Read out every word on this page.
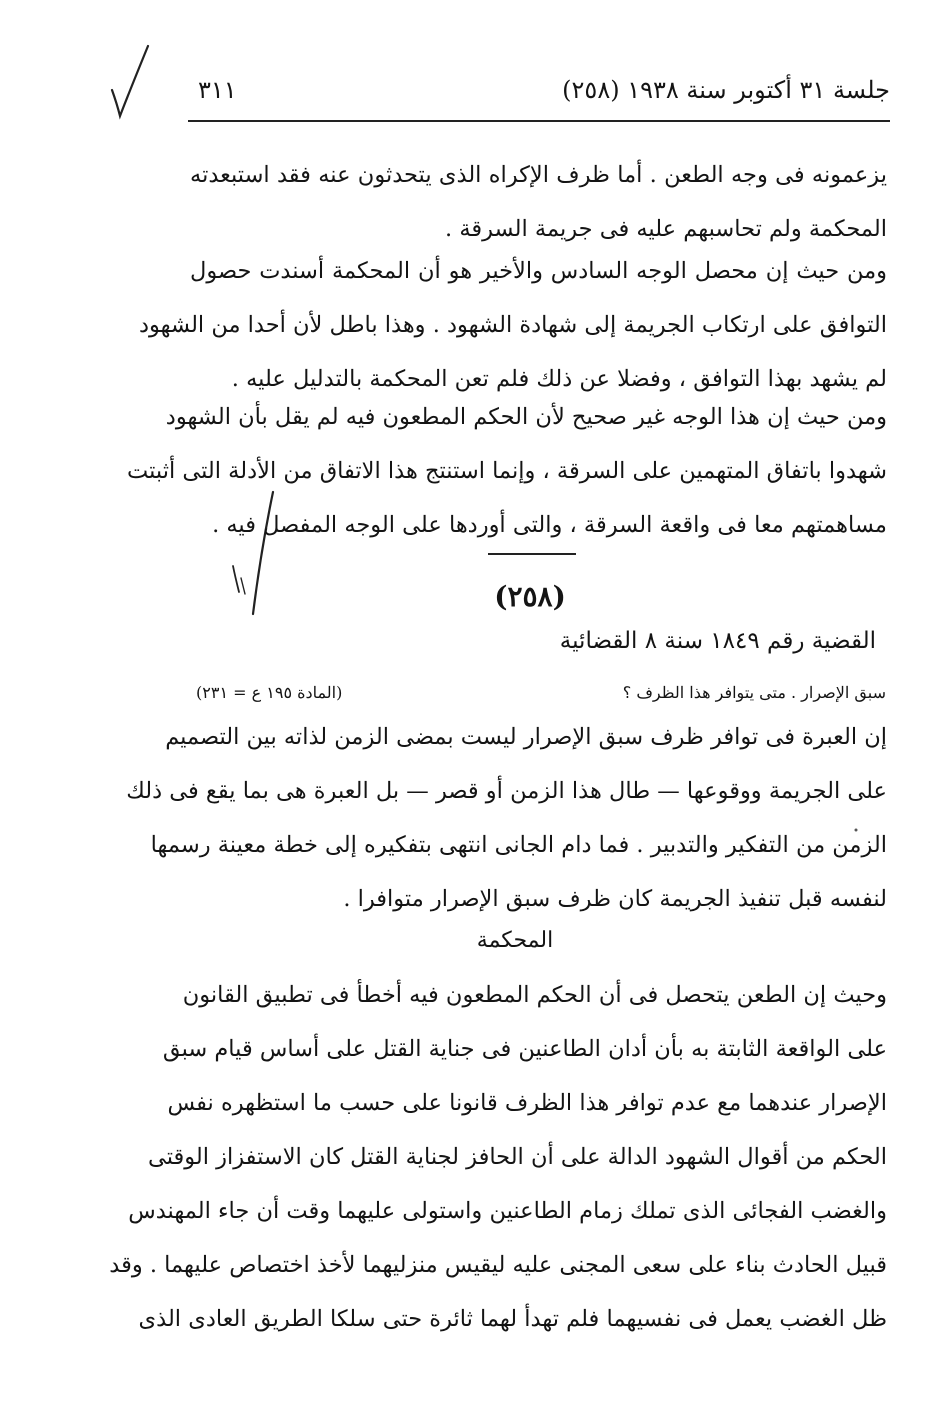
جلسة ٣١ أكتوبر سنة ١٩٣٨ (٢٥٨)
٣١١
يزعمونه فى وجه الطعن . أما ظرف الإكراه الذى يتحدثون عنه فقد استبعدته
المحكمة ولم تحاسبهم عليه فى جريمة السرقة .
ومن حيث إن محصل الوجه السادس والأخير هو أن المحكمة أسندت حصول
التوافق على ارتكاب الجريمة إلى شهادة الشهود . وهذا باطل لأن أحدا من الشهود
لم يشهد بهذا التوافق ، وفضلا عن ذلك فلم تعن المحكمة بالتدليل عليه .
ومن حيث إن هذا الوجه غير صحيح لأن الحكم المطعون فيه لم يقل بأن الشهود
شهدوا باتفاق المتهمين على السرقة ، وإنما استنتج هذا الاتفاق من الأدلة التى أثبتت
مساهمتهم معا فى واقعة السرقة ، والتى أوردها على الوجه المفصل فيه .
(٢٥٨)
القضية رقم ١٨٤٩ سنة ٨ القضائية
سبق الإصرار . متى يتوافر هذا الظرف ؟
(المادة ١٩٥ ع = ٢٣١)
إن العبرة فى توافر ظرف سبق الإصرار ليست بمضى الزمن لذاته بين التصميم
على الجريمة ووقوعها — طال هذا الزمن أو قصر — بل العبرة هى بما يقع فى ذلك
الزمن من التفكير والتدبير . فما دام الجانى انتهى بتفكيره إلى خطة معينة رسمها
لنفسه قبل تنفيذ الجريمة كان ظرف سبق الإصرار متوافرا .
المحكمة
وحيث إن الطعن يتحصل فى أن الحكم المطعون فيه أخطأ فى تطبيق القانون
على الواقعة الثابتة به بأن أدان الطاعنين فى جناية القتل على أساس قيام سبق
الإصرار عندهما مع عدم توافر هذا الظرف قانونا على حسب ما استظهره نفس
الحكم من أقوال الشهود الدالة على أن الحافز لجناية القتل كان الاستفزاز الوقتى
والغضب الفجائى الذى تملك زمام الطاعنين واستولى عليهما وقت أن جاء المهندس
قبيل الحادث بناء على سعى المجنى عليه ليقيس منزليهما لأخذ اختصاص عليهما . وقد
ظل الغضب يعمل فى نفسيهما فلم تهدأ لهما ثائرة حتى سلكا الطريق العادى الذى
